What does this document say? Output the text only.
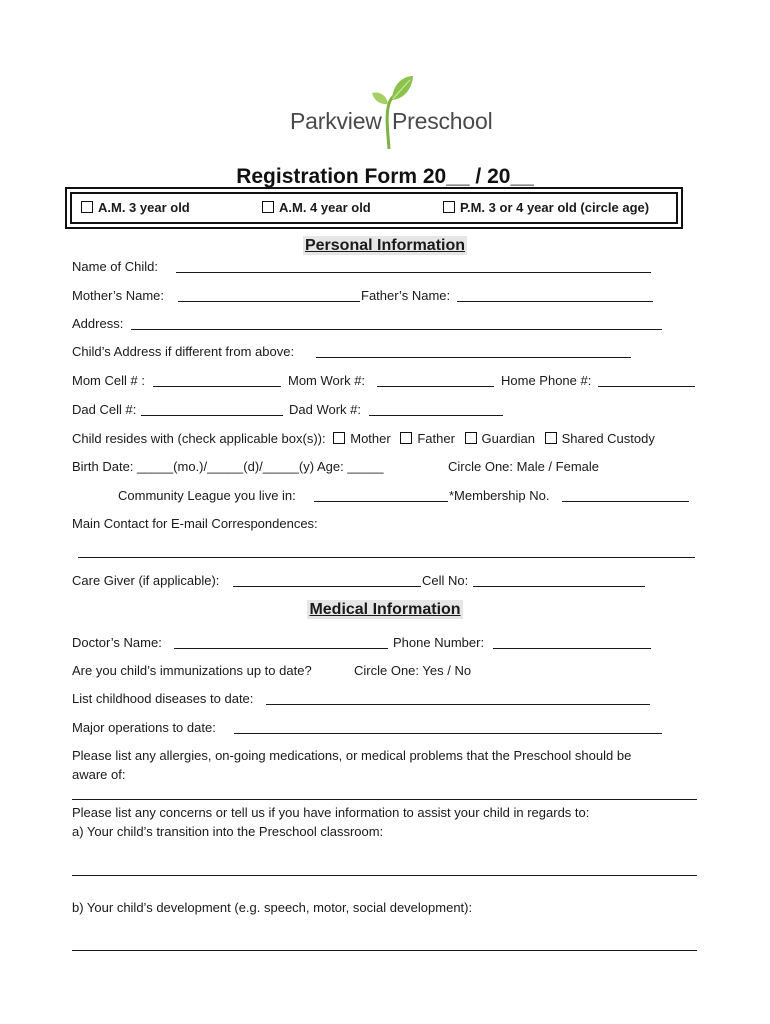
Parkview Preschool
Registration Form 20__ / 20__
A.M. 3 year old	A.M. 4 year old	P.M. 3 or 4 year old (circle age)
Personal Information
Name of Child:
Mother’s Name:	Father’s Name:
Address:
Child’s Address if different from above:
Mom Cell # :	Mom Work #:	Home Phone #:
Dad Cell #:	Dad Work #:
Child resides with (check applicable box(s)): Mother Father Guardian Shared Custody
Birth Date: _____(mo.)/_____(d)/_____(y) Age: _____	Circle One: Male / Female
Community League you live in:	*Membership No.
Main Contact for E-mail Correspondences:
Care Giver (if applicable):	Cell No:
Medical Information
Doctor’s Name:	Phone Number:
Are you child’s immunizations up to date?	Circle One: Yes / No
List childhood diseases to date:
Major operations to date:
Please list any allergies, on-going medications, or medical problems that the Preschool should be
aware of:
Please list any concerns or tell us if you have information to assist your child in regards to:
a) Your child’s transition into the Preschool classroom:
b) Your child’s development (e.g. speech, motor, social development):
